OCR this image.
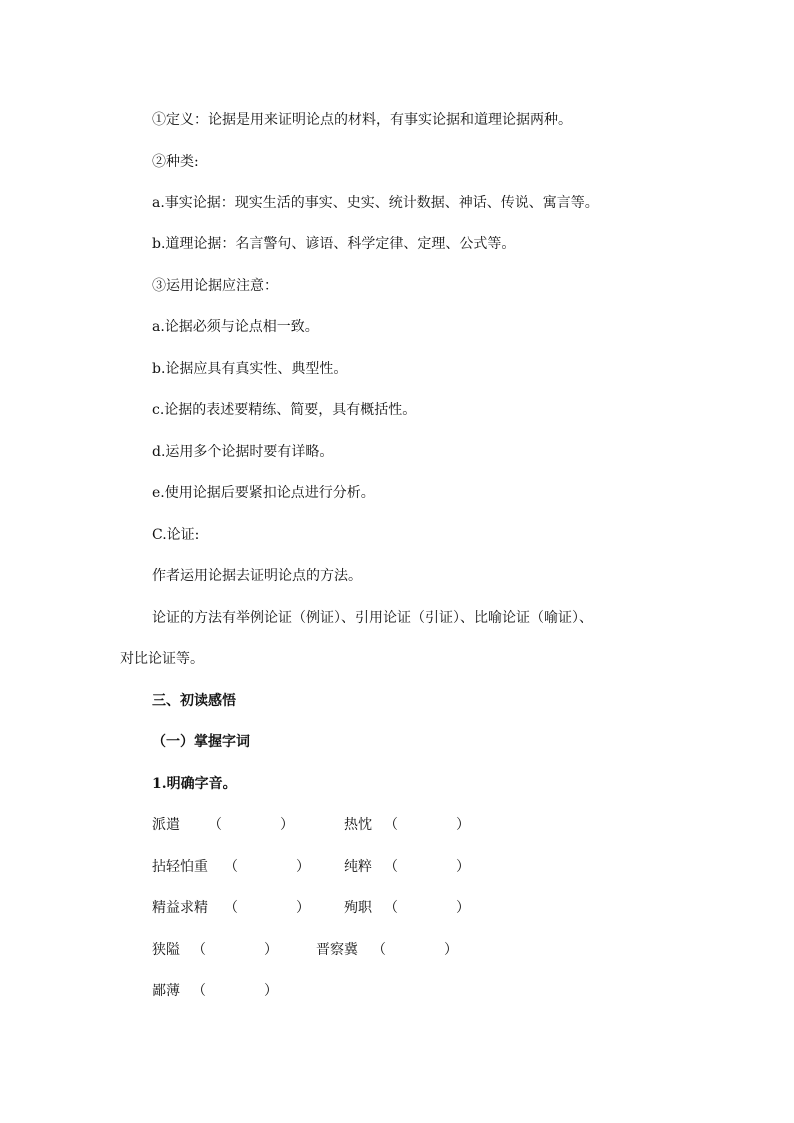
①定义：论据是用来证明论点的材料，有事实论据和道理论据两种。
②种类:
a.事实论据：现实生活的事实、史实、统计数据、神话、传说、寓言等。
b.道理论据：名言警句、谚语、科学定律、定理、公式等。
③运用论据应注意：
a.论据必须与论点相一致。
b.论据应具有真实性、典型性。
c.论据的表述要精练、简要，具有概括性。
d.运用多个论据时要有详略。
e.使用论据后要紧扣论点进行分析。
C.论证:
作者运用论据去证明论点的方法。
论证的方法有举例论证（例证）、引用论证（引证）、比喻论证（喻证）、
对比论证等。
三、初读感悟
（一）掌握字词
1.明确字音。
派遣 （	）	热忱 （	）
拈轻怕重 （	） 纯粹 （	）
精益求精 （	） 殉职 （	）
狭隘 （	）	晋察冀 （	）
鄙薄 （	）
